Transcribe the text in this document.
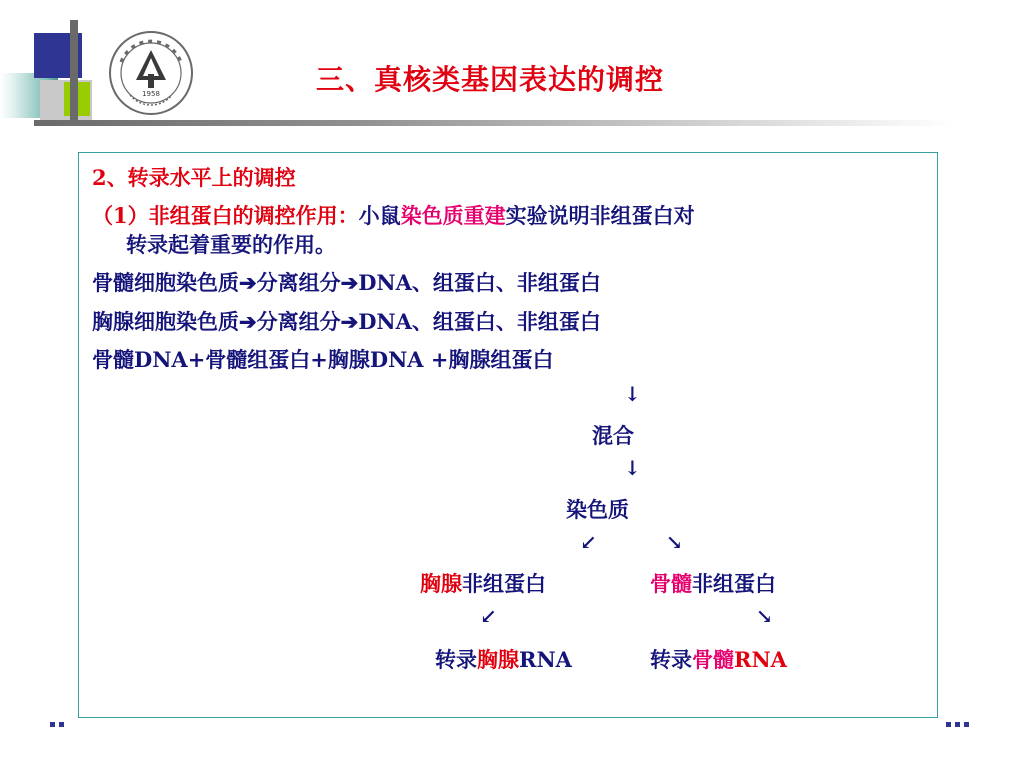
1958	三、真核类基因表达的调控
2、转录水平上的调控
（1）非组蛋白的调控作用：小鼠染色质重建实验说明非组蛋白对
转录起着重要的作用。
骨髓细胞染色质➔分离组分➔DNA、组蛋白、非组蛋白
胸腺细胞染色质➔分离组分➔DNA、组蛋白、非组蛋白
骨髓DNA+骨髓组蛋白+胸腺DNA +胸腺组蛋白
↓
混合
↓
染色质
↙	↘
胸腺非组蛋白	骨髓非组蛋白
↙	↘
转录胸腺RNA	转录骨髓RNA
